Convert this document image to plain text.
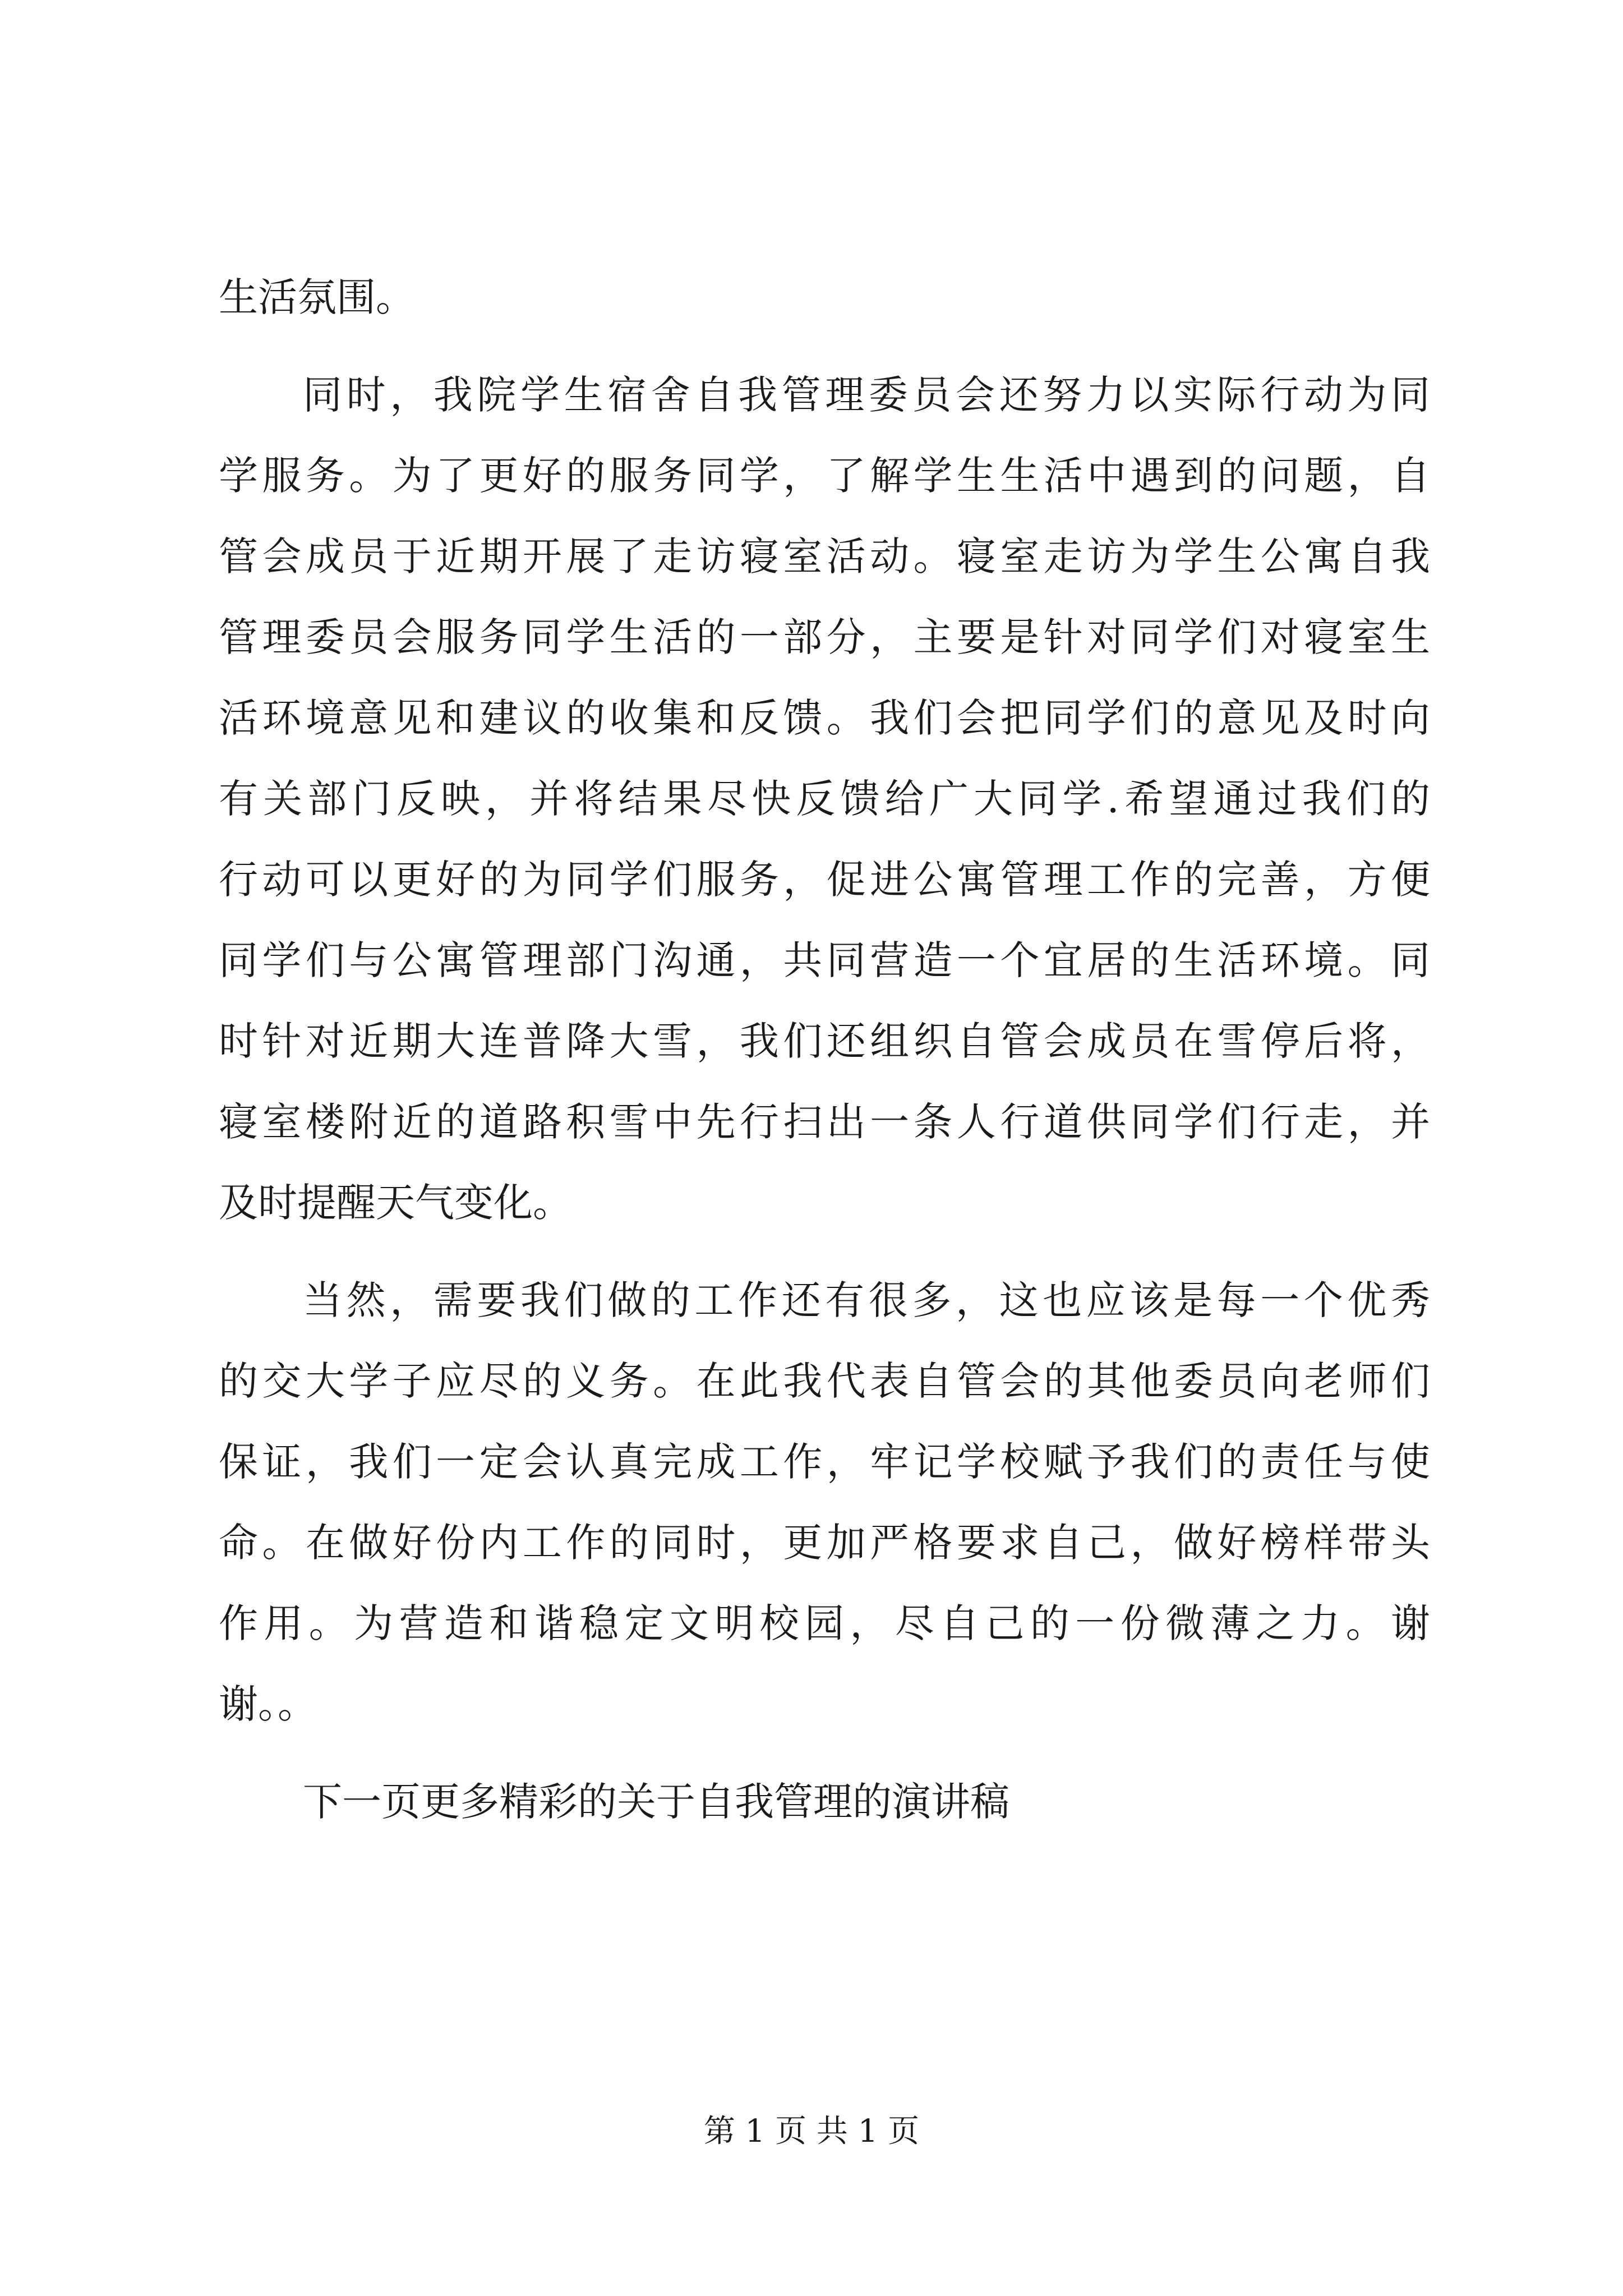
生活氛围。
同时，我院学生宿舍自我管理委员会还努力以实际行动为同
学服务。为了更好的服务同学，了解学生生活中遇到的问题，自
管会成员于近期开展了走访寝室活动。寝室走访为学生公寓自我
管理委员会服务同学生活的一部分，主要是针对同学们对寝室生
活环境意见和建议的收集和反馈。我们会把同学们的意见及时向
有关部门反映，并将结果尽快反馈给广大同学.希望通过我们的
行动可以更好的为同学们服务，促进公寓管理工作的完善，方便
同学们与公寓管理部门沟通，共同营造一个宜居的生活环境。同
时针对近期大连普降大雪，我们还组织自管会成员在雪停后将，
寝室楼附近的道路积雪中先行扫出一条人行道供同学们行走，并
及时提醒天气变化。
当然，需要我们做的工作还有很多，这也应该是每一个优秀
的交大学子应尽的义务。在此我代表自管会的其他委员向老师们
保证，我们一定会认真完成工作，牢记学校赋予我们的责任与使
命。在做好份内工作的同时，更加严格要求自己，做好榜样带头
作用。为营造和谐稳定文明校园，尽自己的一份微薄之力。谢
谢。。
下一页更多精彩的关于自我管理的演讲稿
第 1 页 共 1 页
